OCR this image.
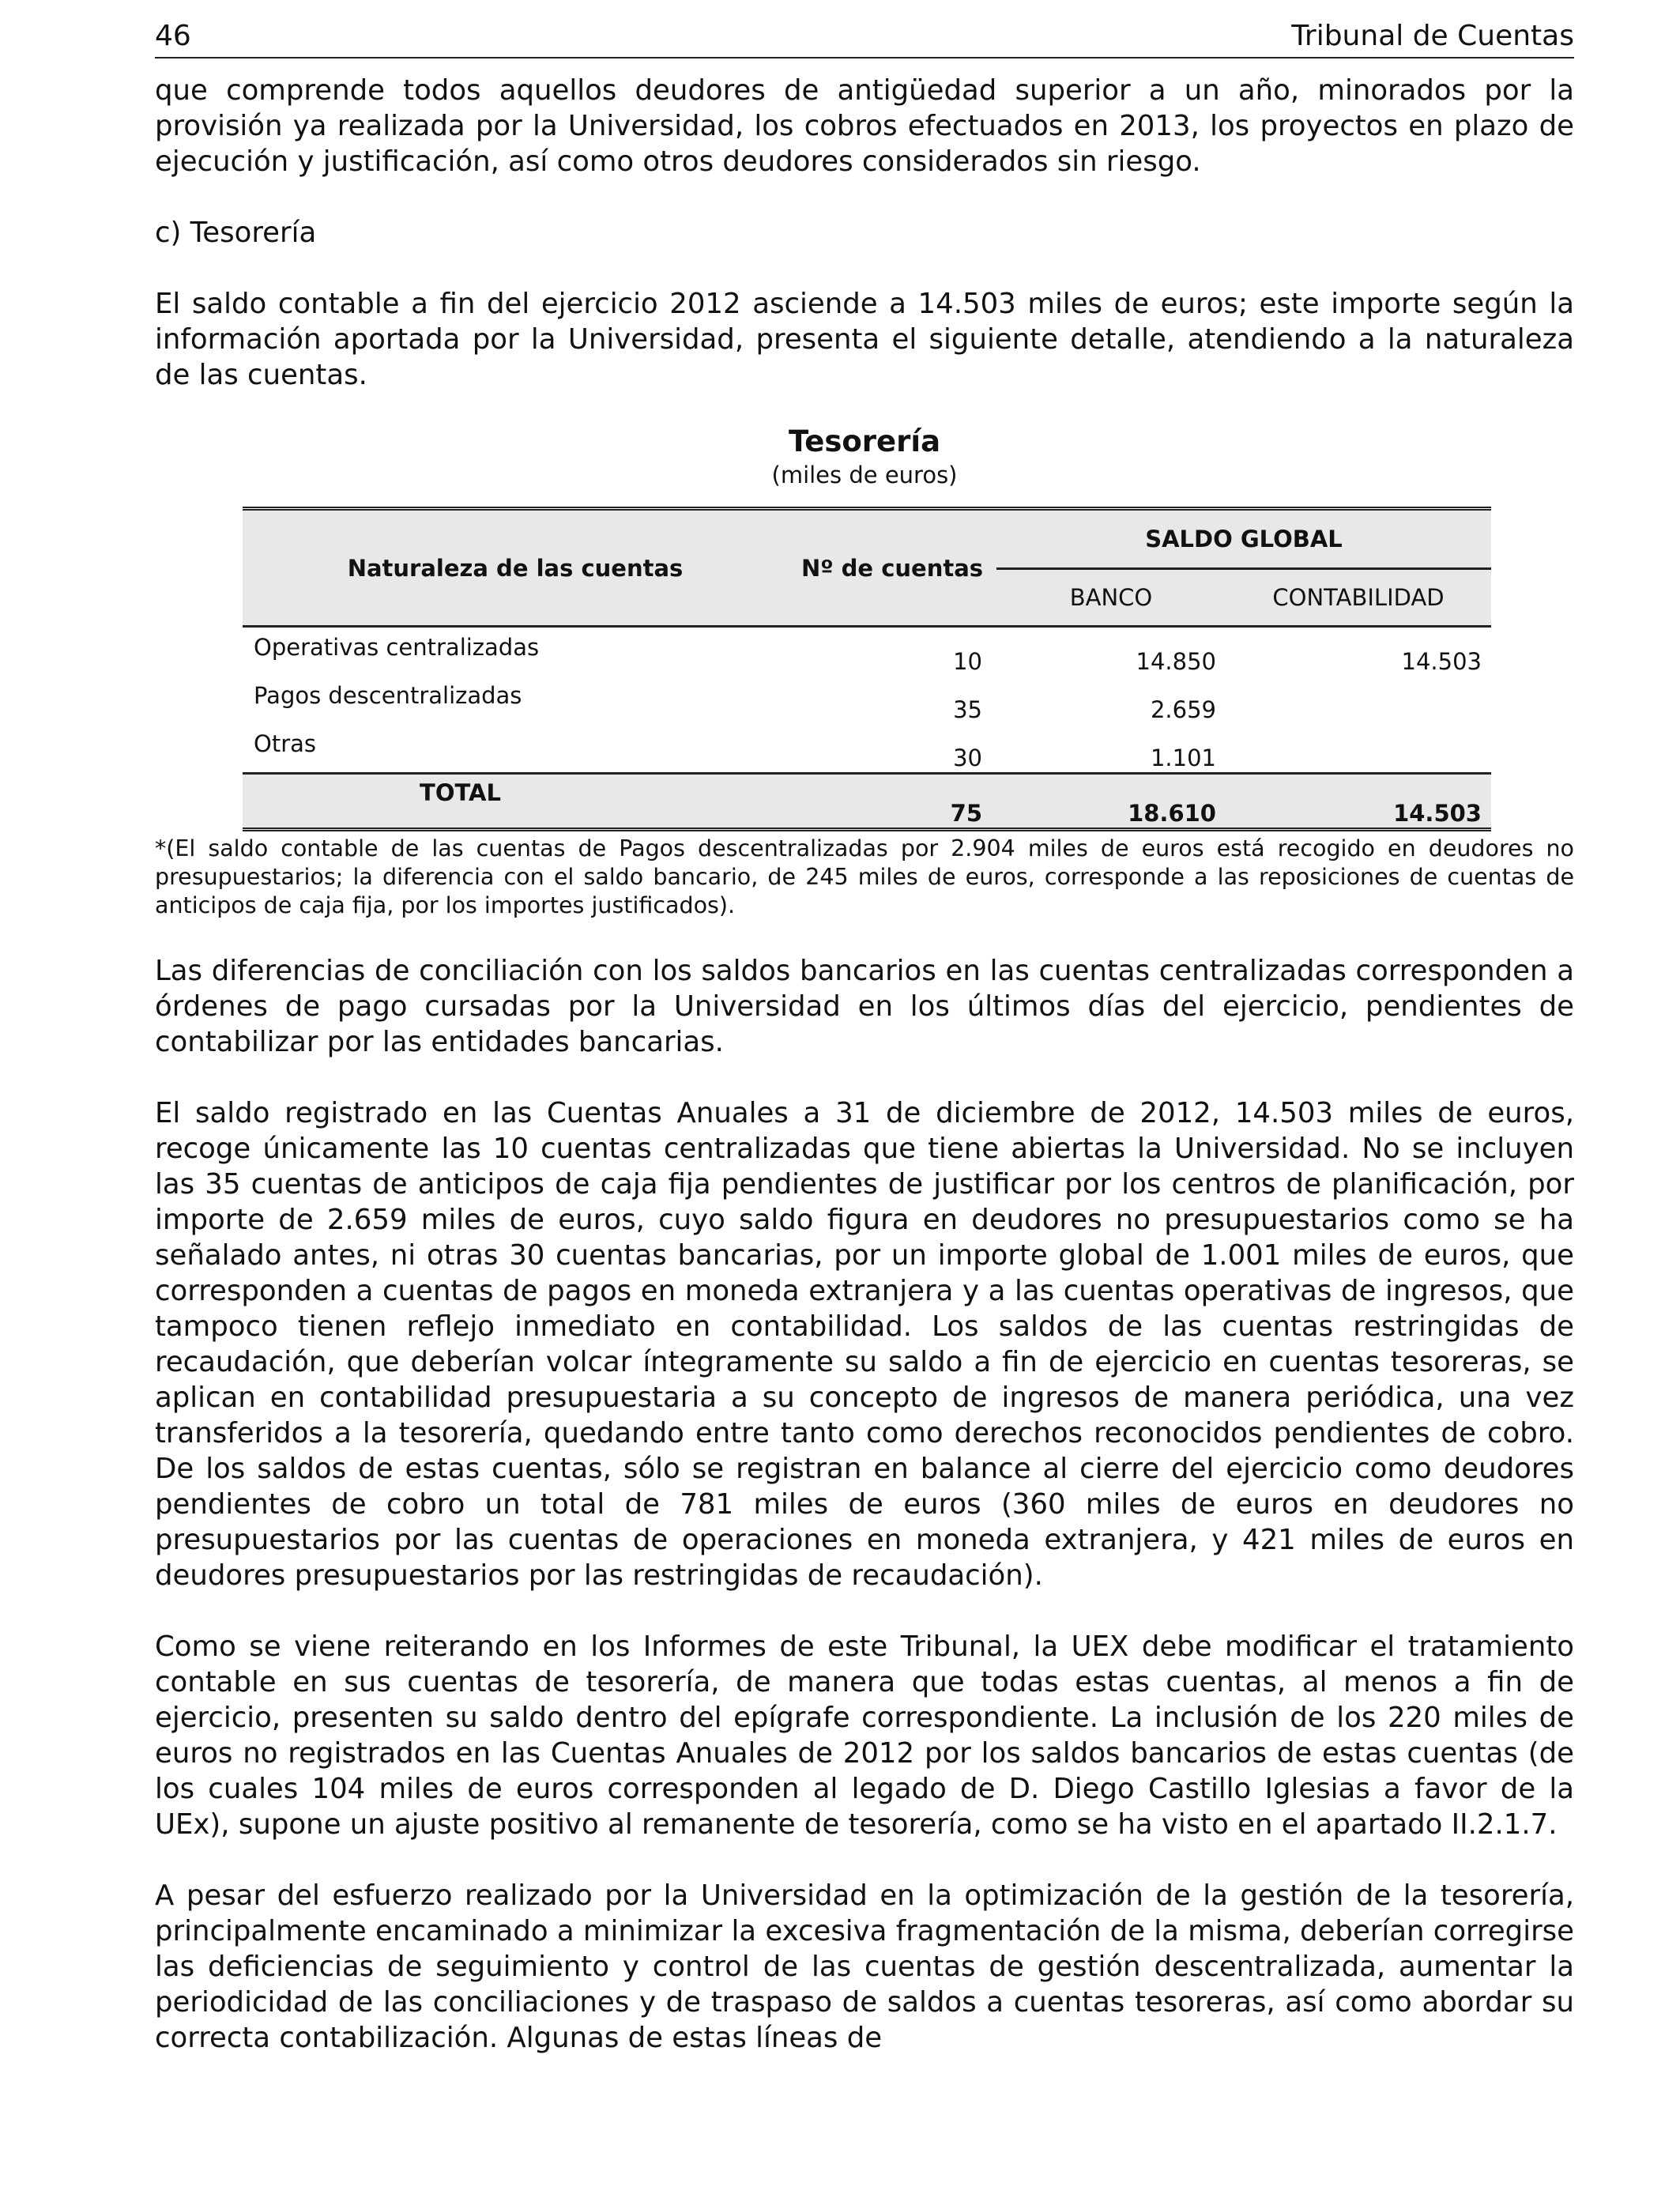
46	Tribunal de Cuentas

que comprende todos aquellos deudores de antigüedad superior a un año, minorados por la provisión ya realizada por la Universidad, los cobros efectuados en 2013, los proyectos en plazo de ejecución y justificación, así como otros deudores considerados sin riesgo.

c) Tesorería

El saldo contable a fin del ejercicio 2012 asciende a 14.503 miles de euros; este importe según la información aportada por la Universidad, presenta el siguiente detalle, atendiendo a la naturaleza de las cuentas.

Tesorería
(miles de euros)
Naturaleza de las cuentas	Nº de cuentas	SALDO GLOBAL	
		BANCO	CONTABILIDAD
Operativas centralizadas	10	14.850	14.503
Pagos descentralizadas	35	2.659	
Otras	30	1.101	
TOTAL	75	18.610	14.503

*(El saldo contable de las cuentas de Pagos descentralizadas por 2.904 miles de euros está recogido en deudores no presupuestarios; la diferencia con el saldo bancario, de 245 miles de euros, corresponde a las reposiciones de cuentas de anticipos de caja fija, por los importes justificados).

Las diferencias de conciliación con los saldos bancarios en las cuentas centralizadas corresponden a órdenes de pago cursadas por la Universidad en los últimos días del ejercicio, pendientes de contabilizar por las entidades bancarias.

El saldo registrado en las Cuentas Anuales a 31 de diciembre de 2012, 14.503 miles de euros, recoge únicamente las 10 cuentas centralizadas que tiene abiertas la Universidad. No se incluyen las 35 cuentas de anticipos de caja fija pendientes de justificar por los centros de planificación, por importe de 2.659 miles de euros, cuyo saldo figura en deudores no presupuestarios como se ha señalado antes, ni otras 30 cuentas bancarias, por un importe global de 1.001 miles de euros, que corresponden a cuentas de pagos en moneda extranjera y a las cuentas operativas de ingresos, que tampoco tienen reflejo inmediato en contabilidad. Los saldos de las cuentas restringidas de recaudación, que deberían volcar íntegramente su saldo a fin de ejercicio en cuentas tesoreras, se aplican en contabilidad presupuestaria a su concepto de ingresos de manera periódica, una vez transferidos a la tesorería, quedando entre tanto como derechos reconocidos pendientes de cobro. De los saldos de estas cuentas, sólo se registran en balance al cierre del ejercicio como deudores pendientes de cobro un total de 781 miles de euros (360 miles de euros en deudores no presupuestarios por las cuentas de operaciones en moneda extranjera, y 421 miles de euros en deudores presupuestarios por las restringidas de recaudación).

Como se viene reiterando en los Informes de este Tribunal, la UEX debe modificar el tratamiento contable en sus cuentas de tesorería, de manera que todas estas cuentas, al menos a fin de ejercicio, presenten su saldo dentro del epígrafe correspondiente. La inclusión de los 220 miles de euros no registrados en las Cuentas Anuales de 2012 por los saldos bancarios de estas cuentas (de los cuales 104 miles de euros corresponden al legado de D. Diego Castillo Iglesias a favor de la UEx), supone un ajuste positivo al remanente de tesorería, como se ha visto en el apartado II.2.1.7.

A pesar del esfuerzo realizado por la Universidad en la optimización de la gestión de la tesorería, principalmente encaminado a minimizar la excesiva fragmentación de la misma, deberían corregirse las deficiencias de seguimiento y control de las cuentas de gestión descentralizada, aumentar la periodicidad de las conciliaciones y de traspaso de saldos a cuentas tesoreras, así como abordar su correcta contabilización. Algunas de estas líneas de
